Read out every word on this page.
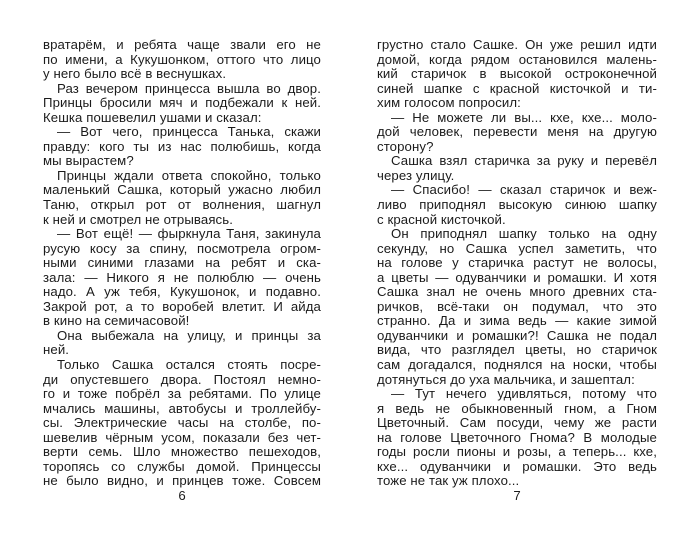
вратарём, и ребята чаще звали его не
по имени, а Кукушонком, оттого что лицо
у него было всё в веснушках.
Раз вечером принцесса вышла во двор.
Принцы бросили мяч и подбежали к ней.
Кешка пошевелил ушами и сказал:
— Вот чего, принцесса Танька, скажи
правду: кого ты из нас полюбишь, когда
мы вырастем?
Принцы ждали ответа спокойно, только
маленький Сашка, который ужасно любил
Таню, открыл рот от волнения, шагнул
к ней и смотрел не отрываясь.
— Вот ещё! — фыркнула Таня, закинула
русую косу за спину, посмотрела огром-
ными синими глазами на ребят и ска-
зала: — Никого я не полюблю — очень
надо. А уж тебя, Кукушонок, и подавно.
Закрой рот, а то воробей влетит. И айда
в кино на семичасовой!
Она выбежала на улицу, и принцы за
ней.
Только Сашка остался стоять посре-
ди опустевшего двора. Постоял немно-
го и тоже побрёл за ребятами. По улице
мчались машины, автобусы и троллейбу-
сы. Электрические часы на столбе, по-
шевелив чёрным усом, показали без чет-
верти семь. Шло множество пешеходов,
торопясь со службы домой. Принцессы
не было видно, и принцев тоже. Совсем
6
грустно стало Сашке. Он уже решил идти
домой, когда рядом остановился малень-
кий старичок в высокой остроконечной
синей шапке с красной кисточкой и ти-
хим голосом попросил:
— Не можете ли вы... кхе, кхе... моло-
дой человек, перевести меня на другую
сторону?
Сашка взял старичка за руку и перевёл
через улицу.
— Спасибо! — сказал старичок и веж-
ливо приподнял высокую синюю шапку
с красной кисточкой.
Он приподнял шапку только на одну
секунду, но Сашка успел заметить, что
на голове у старичка растут не волосы,
а цветы — одуванчики и ромашки. И хотя
Сашка знал не очень много древних ста-
ричков, всё-таки он подумал, что это
странно. Да и зима ведь — какие зимой
одуванчики и ромашки?! Сашка не подал
вида, что разглядел цветы, но старичок
сам догадался, поднялся на носки, чтобы
дотянуться до уха мальчика, и зашептал:
— Тут нечего удивляться, потому что
я ведь не обыкновенный гном, а Гном
Цветочный. Сам посуди, чему же расти
на голове Цветочного Гнома? В молодые
годы росли пионы и розы, а теперь... кхе,
кхе... одуванчики и ромашки. Это ведь
тоже не так уж плохо...
7
